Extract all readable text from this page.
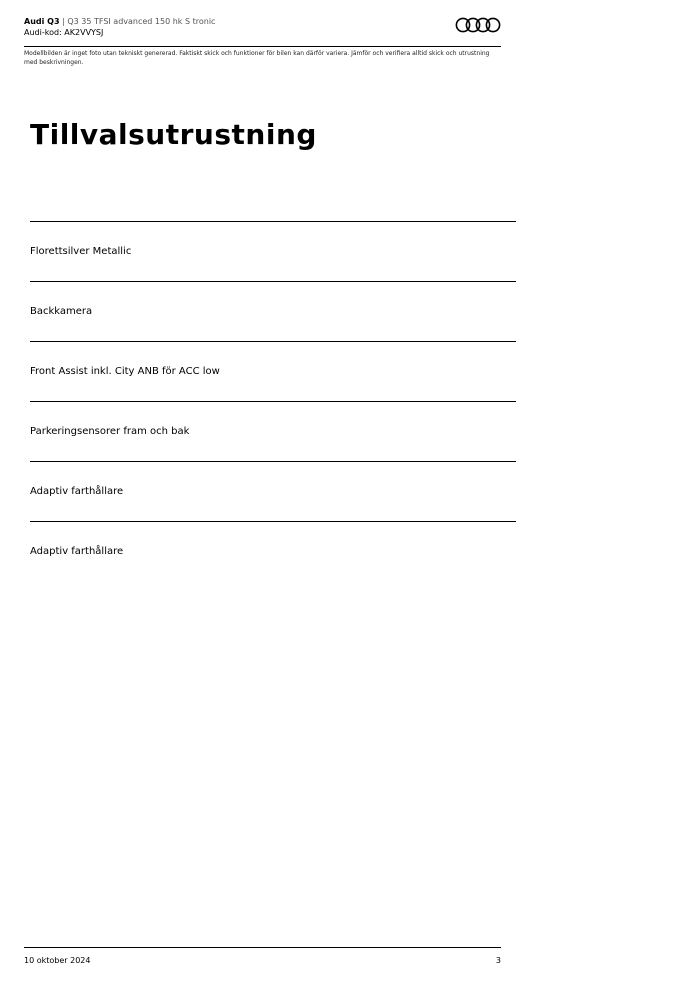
Audi Q3 | Q3 35 TFSI advanced 150 hk S tronic
Audi-kod: AK2VVYSJ
Modellbilden är inget foto utan tekniskt genererad. Faktiskt skick och funktioner för bilen kan därför variera. Jämför och verifiera alltid skick och utrustning med beskrivningen.
Tillvalsutrustning
Florettsilver Metallic
Backkamera
Front Assist inkl. City ANB för ACC low
Parkeringsensorer fram och bak
Adaptiv farthållare
Adaptiv farthållare
10 oktober 2024	3
